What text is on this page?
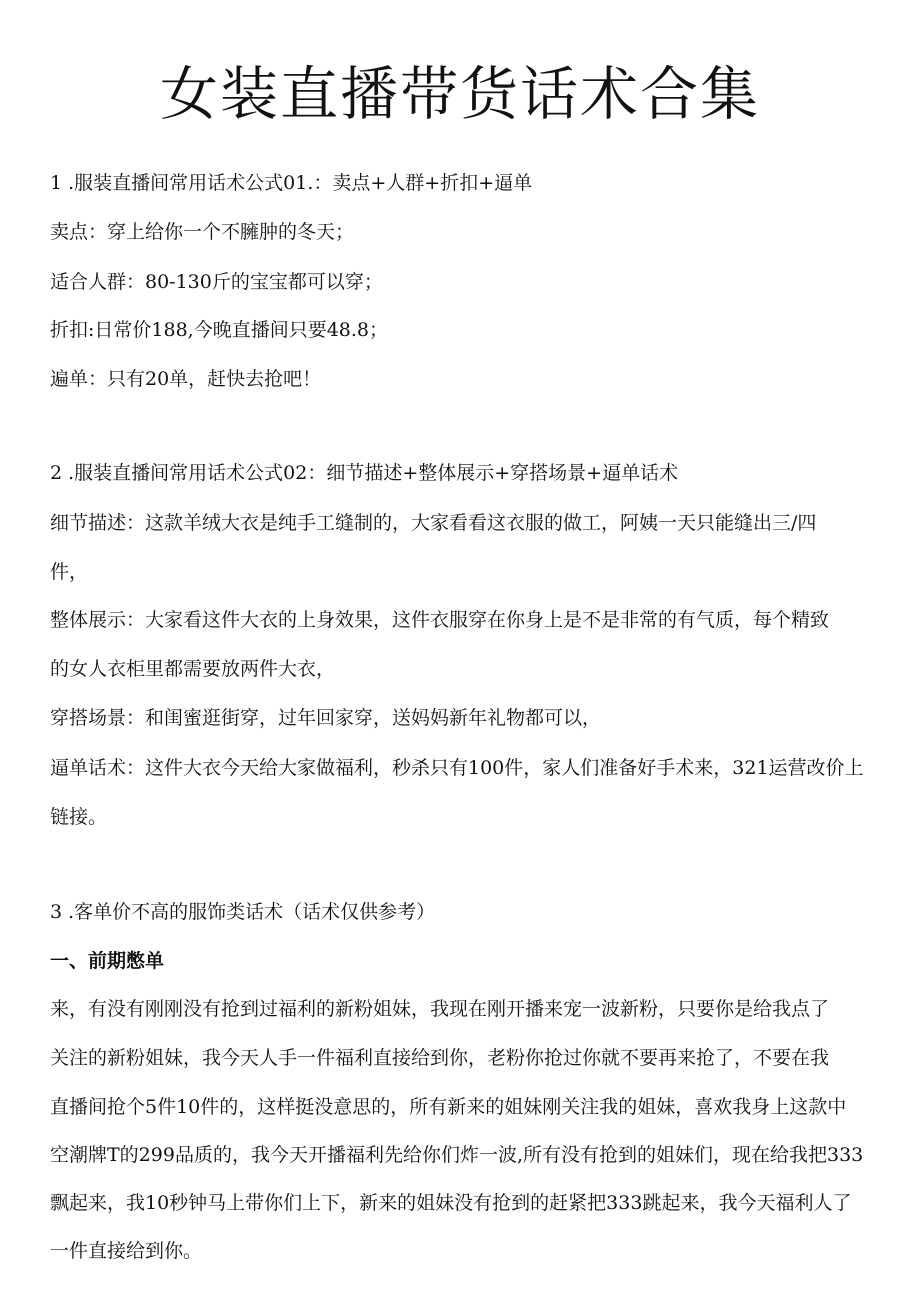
女装直播带货话术合集

1 .服装直播间常用话术公式01.：卖点+人群+折扣+逼单

卖点：穿上给你一个不臃肿的冬天；

适合人群：80-130斤的宝宝都可以穿；

折扣:日常价188,今晚直播间只要48.8；

遍单：只有20单，赶快去抢吧！

2 .服装直播间常用话术公式02：细节描述+整体展示+穿搭场景+逼单话术

细节描述：这款羊绒大衣是纯手工缝制的，大家看看这衣服的做工，阿姨一天只能缝出三/四

件，

整体展示：大家看这件大衣的上身效果，这件衣服穿在你身上是不是非常的有气质，每个精致

的女人衣柜里都需要放两件大衣，

穿搭场景：和闺蜜逛街穿，过年回家穿，送妈妈新年礼物都可以，

逼单话术：这件大衣今天给大家做福利，秒杀只有100件，家人们准备好手术来，321运营改价上

链接。

3 .客单价不高的服饰类话术（话术仅供参考）

一、前期憋单

来，有没有刚刚没有抢到过福利的新粉姐妹，我现在刚开播来宠一波新粉，只要你是给我点了

关注的新粉姐妹，我今天人手一件福利直接给到你，老粉你抢过你就不要再来抢了，不要在我

直播间抢个5件10件的，这样挺没意思的，所有新来的姐妹刚关注我的姐妹，喜欢我身上这款中

空潮牌T的299品质的，我今天开播福利先给你们炸一波,所有没有抢到的姐妹们，现在给我把333

飘起来，我10秒钟马上带你们上下，新来的姐妹没有抢到的赶紧把333跳起来，我今天福利人了

一件直接给到你。
